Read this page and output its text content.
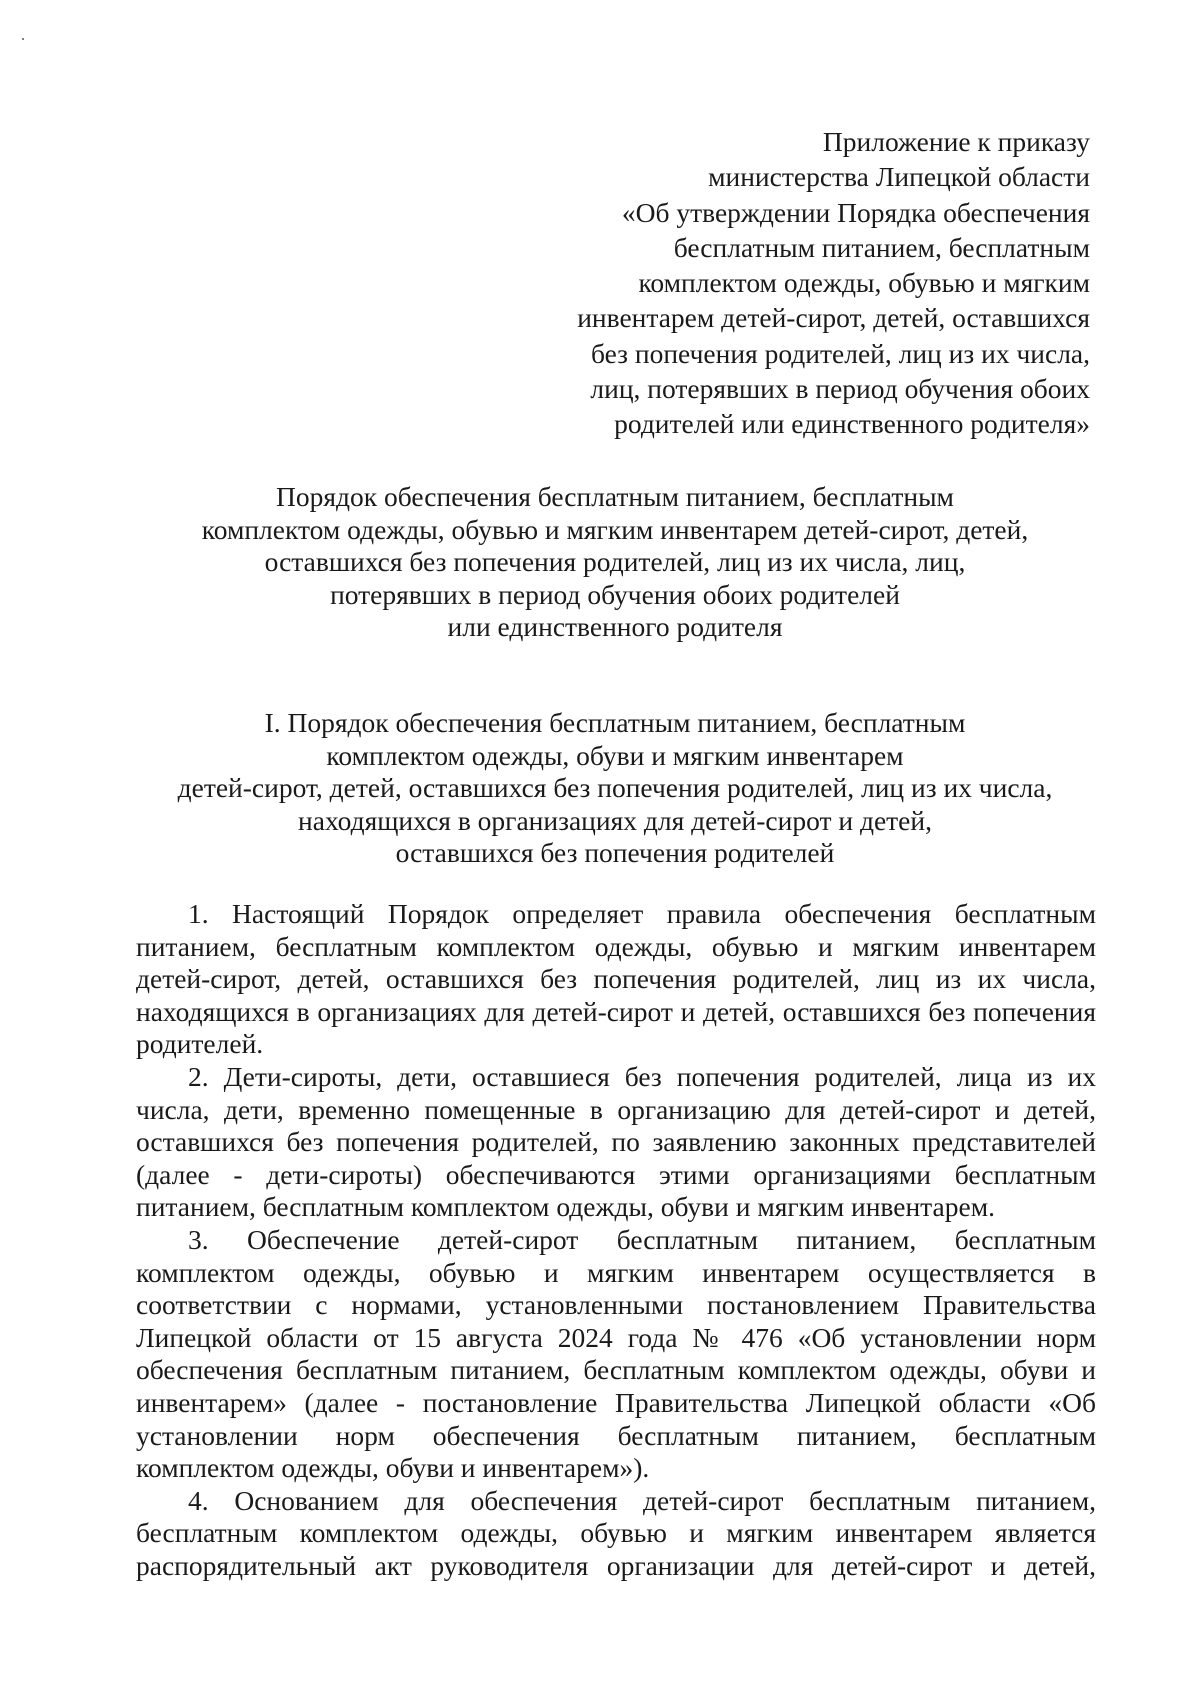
Приложение к приказу
министерства Липецкой области
«Об утверждении Порядка обеспечения
бесплатным питанием, бесплатным
комплектом одежды, обувью и мягким
инвентарем детей-сирот, детей, оставшихся
без попечения родителей, лиц из их числа,
лиц, потерявших в период обучения обоих
родителей или единственного родителя»
Порядок обеспечения бесплатным питанием, бесплатным
комплектом одежды, обувью и мягким инвентарем детей-сирот, детей,
оставшихся без попечения родителей, лиц из их числа, лиц,
потерявших в период обучения обоих родителей
или единственного родителя
I. Порядок обеспечения бесплатным питанием, бесплатным
комплектом одежды, обуви и мягким инвентарем
детей-сирот, детей, оставшихся без попечения родителей, лиц из их числа,
находящихся в организациях для детей-сирот и детей,
оставшихся без попечения родителей
1. Настоящий Порядок определяет правила обеспечения бесплатным
питанием, бесплатным комплектом одежды, обувью и мягким инвентарем
детей-сирот, детей, оставшихся без попечения родителей, лиц из их числа,
находящихся в организациях для детей-сирот и детей, оставшихся без попечения
родителей.
2. Дети-сироты, дети, оставшиеся без попечения родителей, лица из их
числа, дети, временно помещенные в организацию для детей-сирот и детей,
оставшихся без попечения родителей, по заявлению законных представителей
(далее - дети-сироты) обеспечиваются этими организациями бесплатным
питанием, бесплатным комплектом одежды, обуви и мягким инвентарем.
3. Обеспечение детей-сирот бесплатным питанием, бесплатным
комплектом одежды, обувью и мягким инвентарем осуществляется в
соответствии с нормами, установленными постановлением Правительства
Липецкой области от 15 августа 2024 года № 476 «Об установлении норм
обеспечения бесплатным питанием, бесплатным комплектом одежды, обуви и
инвентарем» (далее - постановление Правительства Липецкой области «Об
установлении норм обеспечения бесплатным питанием, бесплатным
комплектом одежды, обуви и инвентарем»).
4. Основанием для обеспечения детей-сирот бесплатным питанием,
бесплатным комплектом одежды, обувью и мягким инвентарем является
распорядительный акт руководителя организации для детей-сирот и детей,
